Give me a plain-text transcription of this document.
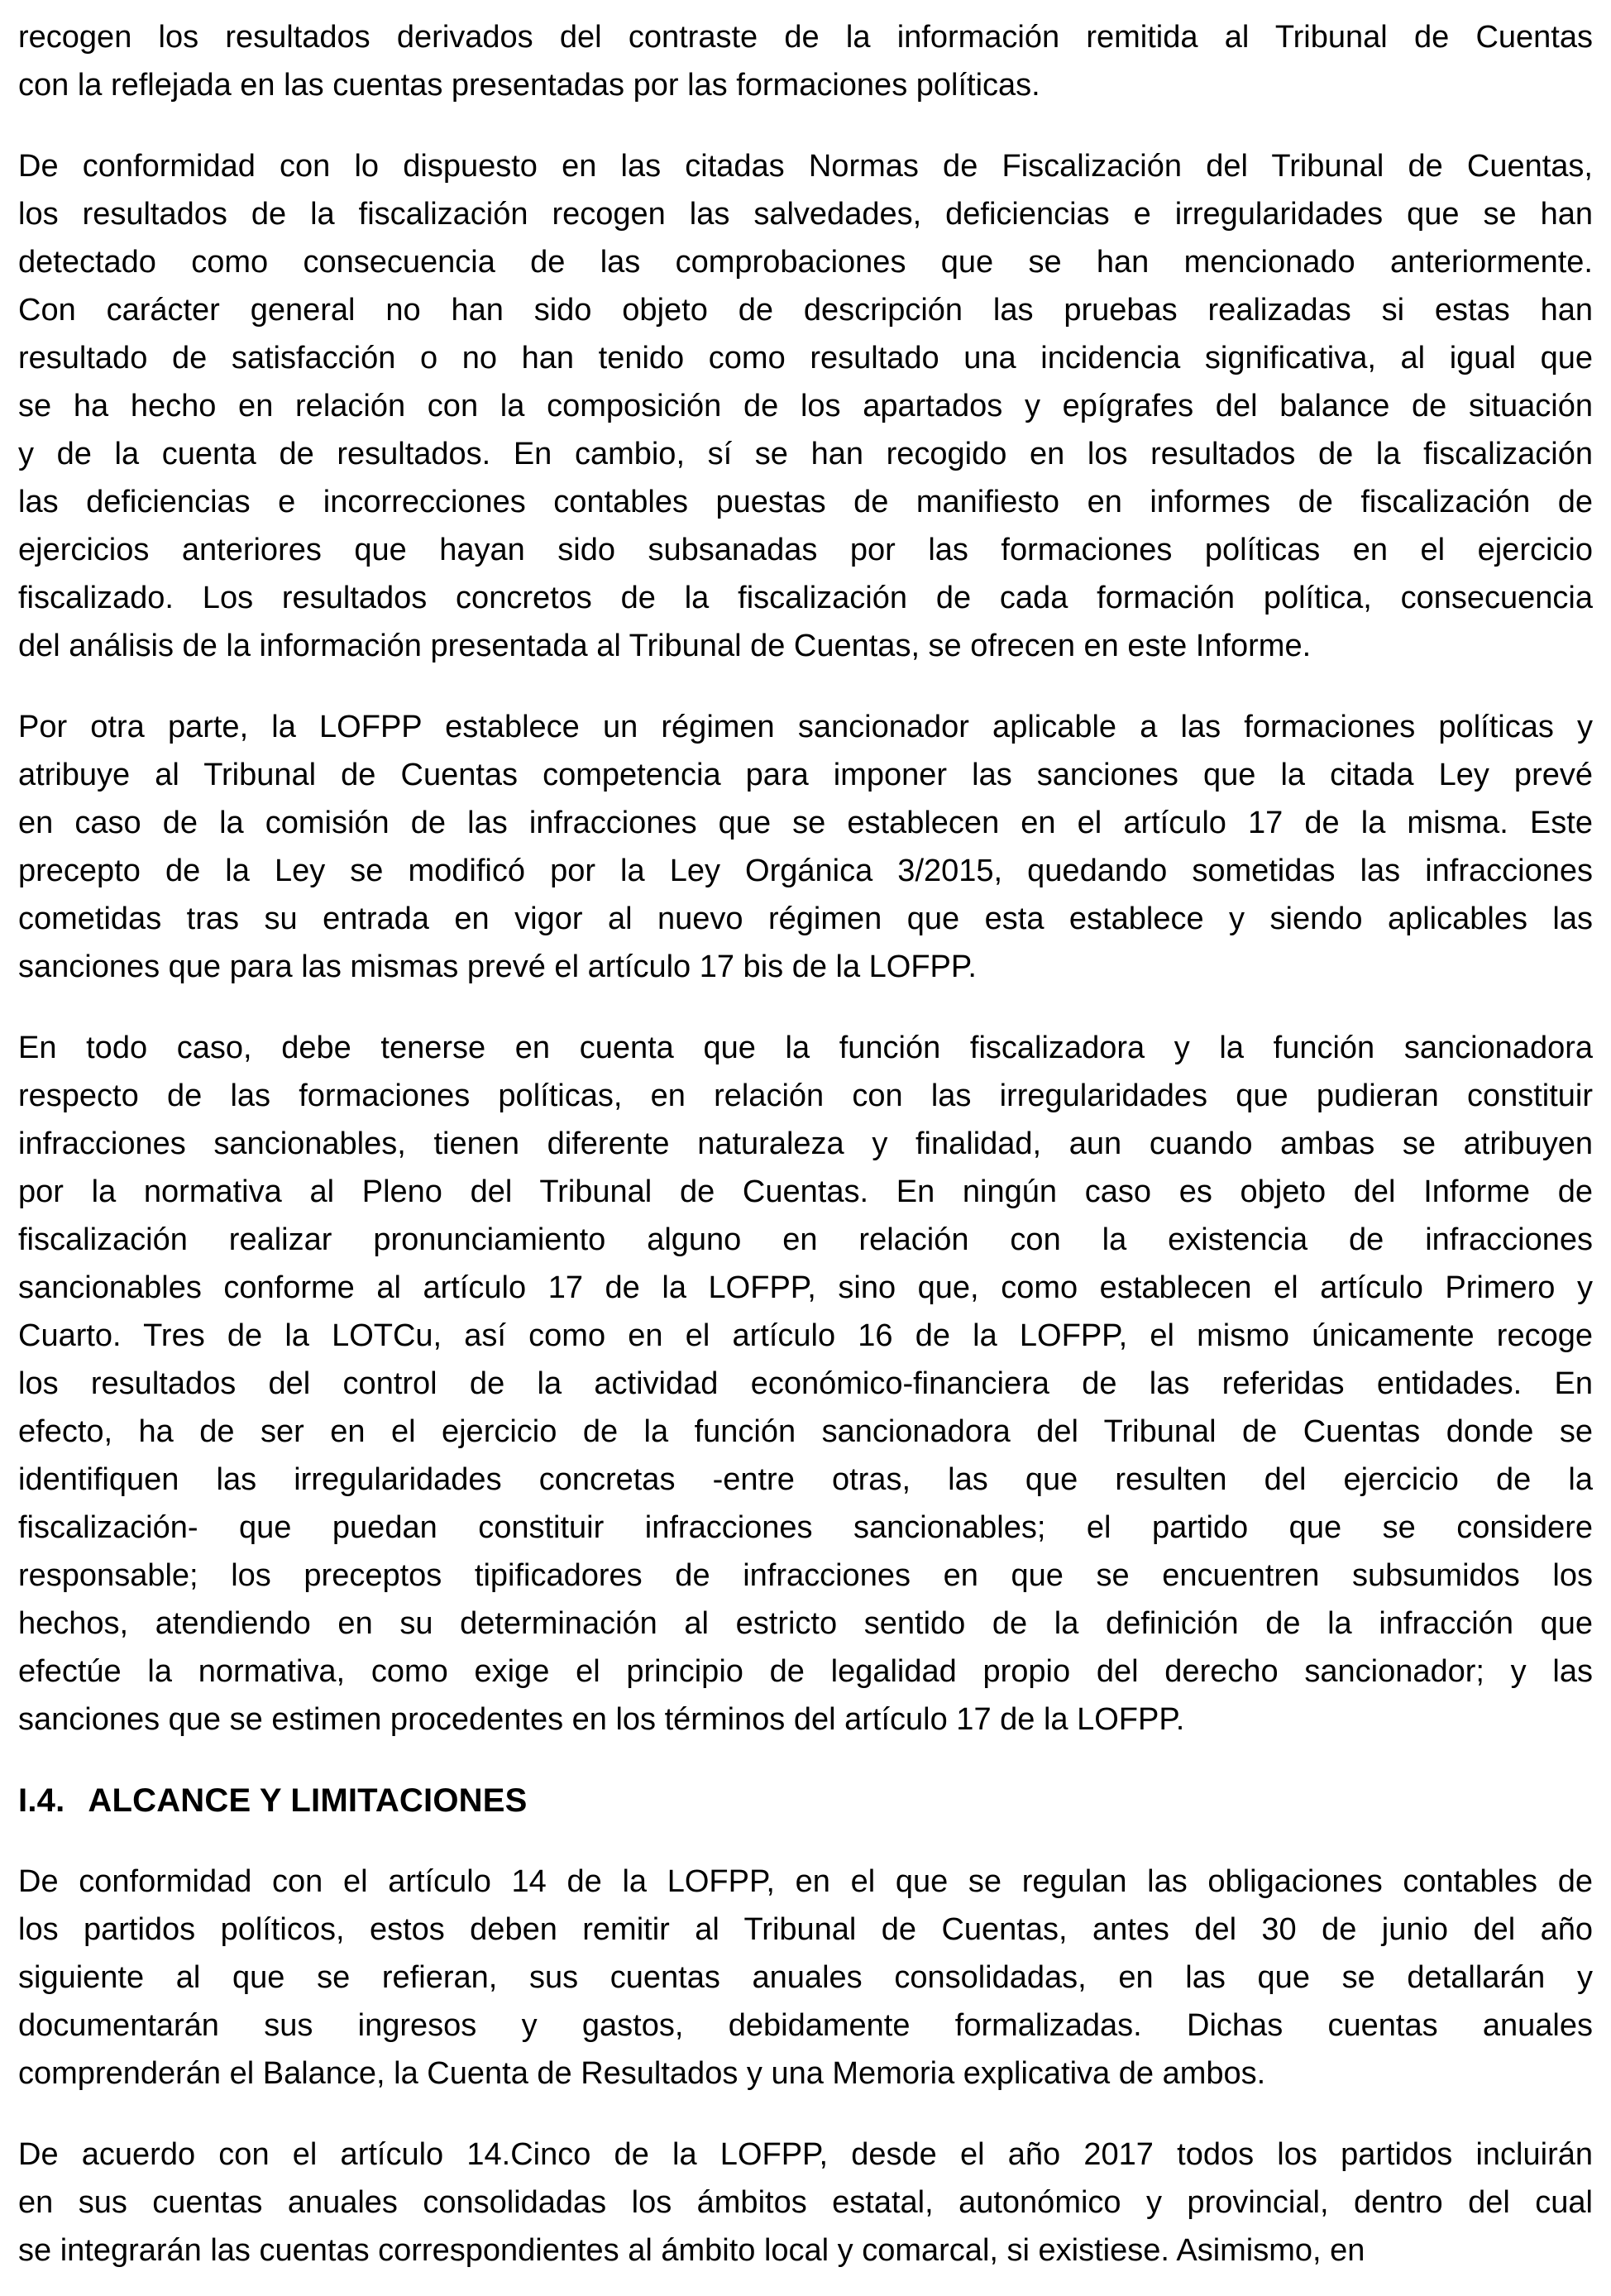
recogen los resultados derivados del contraste de la información remitida al Tribunal de Cuentas
con la reflejada en las cuentas presentadas por las formaciones políticas.
De conformidad con lo dispuesto en las citadas Normas de Fiscalización del Tribunal de Cuentas,
los resultados de la fiscalización recogen las salvedades, deficiencias e irregularidades que se han
detectado como consecuencia de las comprobaciones que se han mencionado anteriormente.
Con carácter general no han sido objeto de descripción las pruebas realizadas si estas han
resultado de satisfacción o no han tenido como resultado una incidencia significativa, al igual que
se ha hecho en relación con la composición de los apartados y epígrafes del balance de situación
y de la cuenta de resultados. En cambio, sí se han recogido en los resultados de la fiscalización
las deficiencias e incorrecciones contables puestas de manifiesto en informes de fiscalización de
ejercicios anteriores que hayan sido subsanadas por las formaciones políticas en el ejercicio
fiscalizado. Los resultados concretos de la fiscalización de cada formación política, consecuencia
del análisis de la información presentada al Tribunal de Cuentas, se ofrecen en este Informe.
Por otra parte, la LOFPP establece un régimen sancionador aplicable a las formaciones políticas y
atribuye al Tribunal de Cuentas competencia para imponer las sanciones que la citada Ley prevé
en caso de la comisión de las infracciones que se establecen en el artículo 17 de la misma. Este
precepto de la Ley se modificó por la Ley Orgánica 3/2015, quedando sometidas las infracciones
cometidas tras su entrada en vigor al nuevo régimen que esta establece y siendo aplicables las
sanciones que para las mismas prevé el artículo 17 bis de la LOFPP.
En todo caso, debe tenerse en cuenta que la función fiscalizadora y la función sancionadora
respecto de las formaciones políticas, en relación con las irregularidades que pudieran constituir
infracciones sancionables, tienen diferente naturaleza y finalidad, aun cuando ambas se atribuyen
por la normativa al Pleno del Tribunal de Cuentas. En ningún caso es objeto del Informe de
fiscalización realizar pronunciamiento alguno en relación con la existencia de infracciones
sancionables conforme al artículo 17 de la LOFPP, sino que, como establecen el artículo Primero y
Cuarto. Tres de la LOTCu, así como en el artículo 16 de la LOFPP, el mismo únicamente recoge
los resultados del control de la actividad económico-financiera de las referidas entidades. En
efecto, ha de ser en el ejercicio de la función sancionadora del Tribunal de Cuentas donde se
identifiquen las irregularidades concretas -entre otras, las que resulten del ejercicio de la
fiscalización- que puedan constituir infracciones sancionables; el partido que se considere
responsable; los preceptos tipificadores de infracciones en que se encuentren subsumidos los
hechos, atendiendo en su determinación al estricto sentido de la definición de la infracción que
efectúe la normativa, como exige el principio de legalidad propio del derecho sancionador; y las
sanciones que se estimen procedentes en los términos del artículo 17 de la LOFPP.
I.4. ALCANCE Y LIMITACIONES
De conformidad con el artículo 14 de la LOFPP, en el que se regulan las obligaciones contables de
los partidos políticos, estos deben remitir al Tribunal de Cuentas, antes del 30 de junio del año
siguiente al que se refieran, sus cuentas anuales consolidadas, en las que se detallarán y
documentarán sus ingresos y gastos, debidamente formalizadas. Dichas cuentas anuales
comprenderán el Balance, la Cuenta de Resultados y una Memoria explicativa de ambos.
De acuerdo con el artículo 14.Cinco de la LOFPP, desde el año 2017 todos los partidos incluirán
en sus cuentas anuales consolidadas los ámbitos estatal, autonómico y provincial, dentro del cual
se integrarán las cuentas correspondientes al ámbito local y comarcal, si existiese. Asimismo, en
